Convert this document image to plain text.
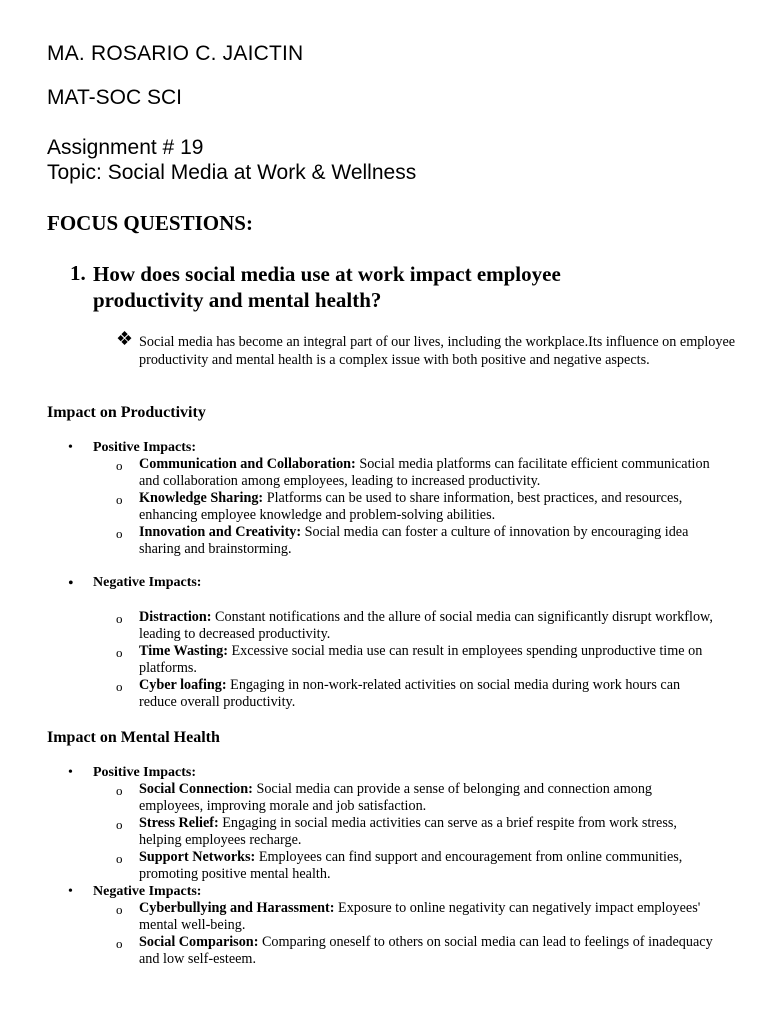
MA. ROSARIO C. JAICTIN
MAT-SOC SCI
Assignment # 19
Topic: Social Media at Work & Wellness
FOCUS QUESTIONS:
1. How does social media use at work impact employee productivity and mental health?
❖ Social media has become an integral part of our lives, including the workplace.Its influence on employee productivity and mental health is a complex issue with both positive and negative aspects.
Impact on Productivity
• Positive Impacts:
o Communication and Collaboration: Social media platforms can facilitate efficient communication and collaboration among employees, leading to increased productivity.
o Knowledge Sharing: Platforms can be used to share information, best practices, and resources, enhancing employee knowledge and problem-solving abilities.
o Innovation and Creativity: Social media can foster a culture of innovation by encouraging idea sharing and brainstorming.
• Negative Impacts:
o Distraction: Constant notifications and the allure of social media can significantly disrupt workflow, leading to decreased productivity.
o Time Wasting: Excessive social media use can result in employees spending unproductive time on platforms.
o Cyber loafing: Engaging in non-work-related activities on social media during work hours can reduce overall productivity.
Impact on Mental Health
• Positive Impacts:
o Social Connection: Social media can provide a sense of belonging and connection among employees, improving morale and job satisfaction.
o Stress Relief: Engaging in social media activities can serve as a brief respite from work stress, helping employees recharge.
o Support Networks: Employees can find support and encouragement from online communities, promoting positive mental health.
• Negative Impacts:
o Cyberbullying and Harassment: Exposure to online negativity can negatively impact employees' mental well-being.
o Social Comparison: Comparing oneself to others on social media can lead to feelings of inadequacy and low self-esteem.
